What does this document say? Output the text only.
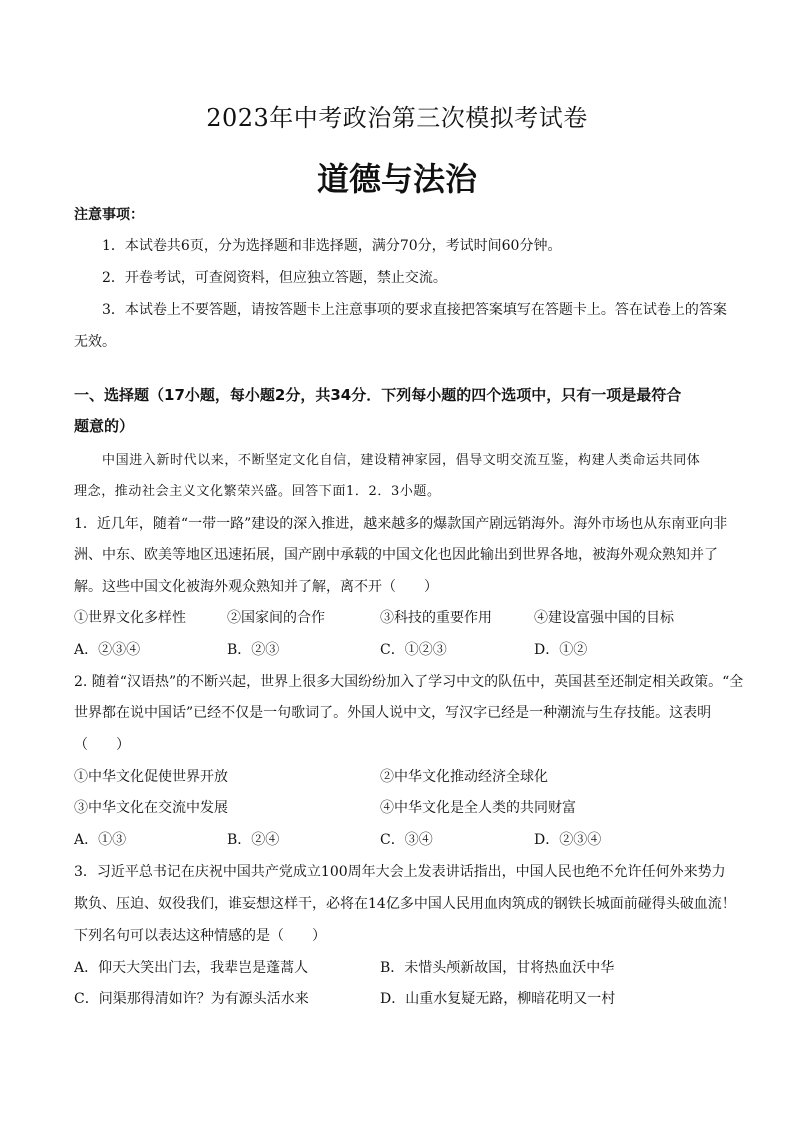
2023年中考政治第三次模拟考试卷
道德与法治
注意事项：
1．本试卷共6页，分为选择题和非选择题，满分70分，考试时间60分钟。
2．开卷考试，可查阅资料，但应独立答题，禁止交流。
3．本试卷上不要答题，请按答题卡上注意事项的要求直接把答案填写在答题卡上。答在试卷上的答案
无效。
一、选择题（17小题，每小题2分，共34分．下列每小题的四个选项中，只有一项是最符合
题意的）
中国进入新时代以来，不断坚定文化自信，建设精神家园，倡导文明交流互鉴，构建人类命运共同体
理念，推动社会主义文化繁荣兴盛。回答下面1．2．3小题。
1．近几年，随着“一带一路”建设的深入推进，越来越多的爆款国产剧远销海外。海外市场也从东南亚向非
洲、中东、欧美等地区迅速拓展，国产剧中承载的中国文化也因此输出到世界各地，被海外观众熟知并了
解。这些中国文化被海外观众熟知并了解，离不开（　　）
①世界文化多样性	②国家间的合作	③科技的重要作用	④建设富强中国的目标
A．②③④	B．②③	C．①②③	D．①②
2. 随着“汉语热”的不断兴起，世界上很多大国纷纷加入了学习中文的队伍中，英国甚至还制定相关政策。“全
世界都在说中国话”已经不仅是一句歌词了。外国人说中文，写汉字已经是一种潮流与生存技能。这表明
（　　）
①中华文化促使世界开放	②中华文化推动经济全球化
③中华文化在交流中发展	④中华文化是全人类的共同财富
A．①③	B．②④	C．③④	D．②③④
3．习近平总书记在庆祝中国共产党成立100周年大会上发表讲话指出，中国人民也绝不允许任何外来势力
欺负、压迫、奴役我们，谁妄想这样干，必将在14亿多中国人民用血肉筑成的钢铁长城面前碰得头破血流！
下列名句可以表达这种情感的是（　　）
A．仰天大笑出门去，我辈岂是蓬蒿人	B．未惜头颅新故国，甘将热血沃中华
C．问渠那得清如许？为有源头活水来	D．山重水复疑无路，柳暗花明又一村
